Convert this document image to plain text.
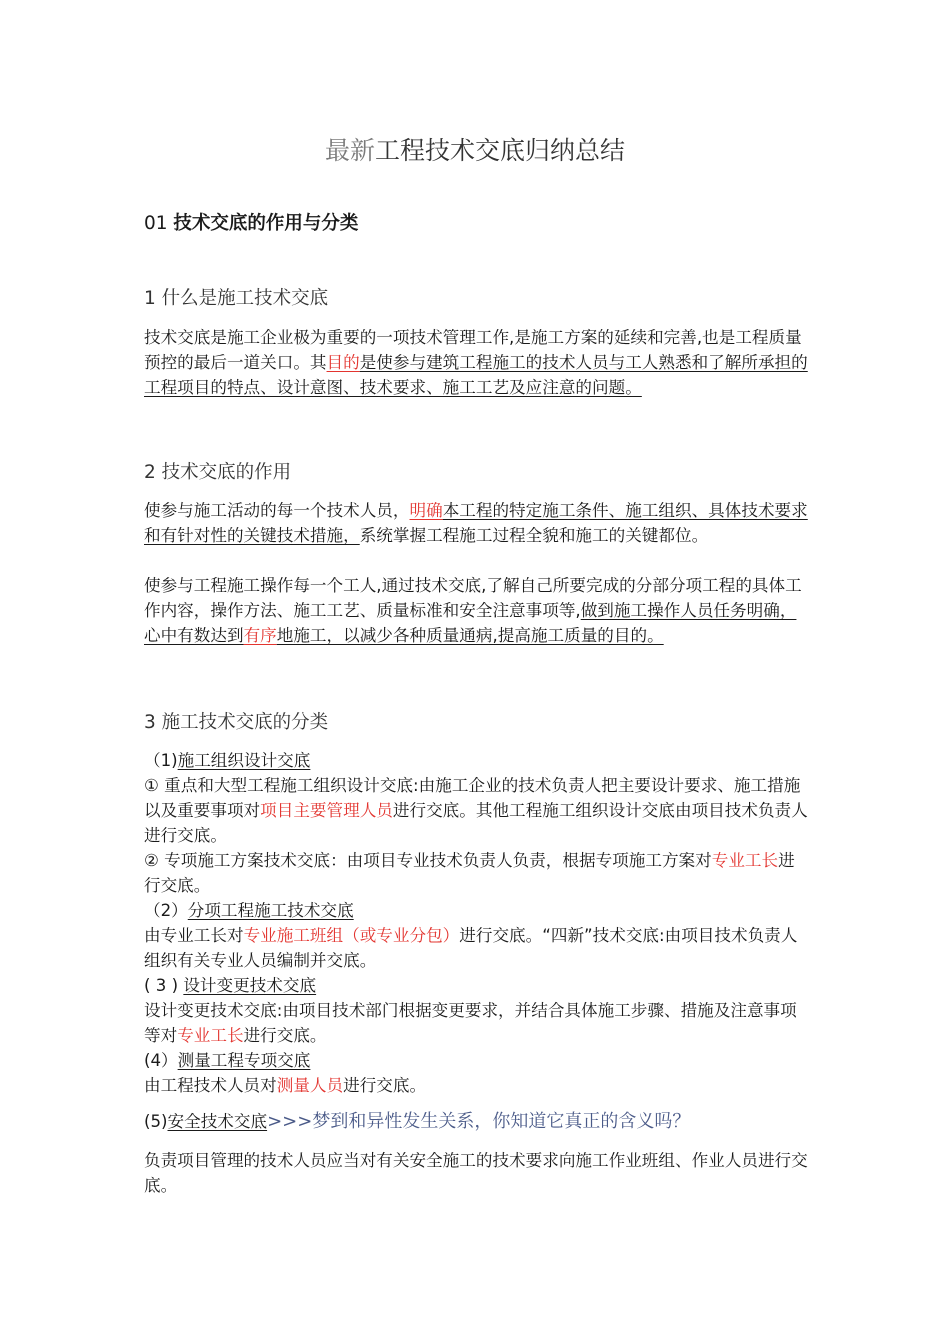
最新工程技术交底归纳总结
01 技术交底的作用与分类
1 什么是施工技术交底
技术交底是施工企业极为重要的一项技术管理工作,是施工方案的延续和完善,也是工程质量预控的最后一道关口。其目的是使参与建筑工程施工的技术人员与工人熟悉和了解所承担的工程项目的特点、设计意图、技术要求、施工工艺及应注意的问题。
2 技术交底的作用
使参与施工活动的每一个技术人员，明确本工程的特定施工条件、施工组织、具体技术要求和有针对性的关键技术措施，系统掌握工程施工过程全貌和施工的关键都位。
使参与工程施工操作每一个工人,通过技术交底,了解自己所要完成的分部分项工程的具体工作内容，操作方法、施工工艺、质量标准和安全注意事项等,做到施工操作人员任务明确，心中有数达到有序地施工，以减少各种质量通病,提高施工质量的目的。
3 施工技术交底的分类
（1)施工组织设计交底
① 重点和大型工程施工组织设计交底:由施工企业的技术负责人把主要设计要求、施工措施以及重要事项对项目主要管理人员进行交底。其他工程施工组织设计交底由项目技术负责人进行交底。
② 专项施工方案技术交底：由项目专业技术负责人负责，根据专项施工方案对专业工长进行交底。
（2）分项工程施工技术交底
由专业工长对专业施工班组（或专业分包）进行交底。“四新”技术交底:由项目技术负责人组织有关专业人员编制并交底。
( 3 ) 设计变更技术交底
设计变更技术交底:由项目技术部门根据变更要求，并结合具体施工步骤、措施及注意事项等对专业工长进行交底。
(4）测量工程专项交底
由工程技术人员对测量人员进行交底。
(5)安全技术交底>>>梦到和异性发生关系，你知道它真正的含义吗？
负责项目管理的技术人员应当对有关安全施工的技术要求向施工作业班组、作业人员进行交底。
